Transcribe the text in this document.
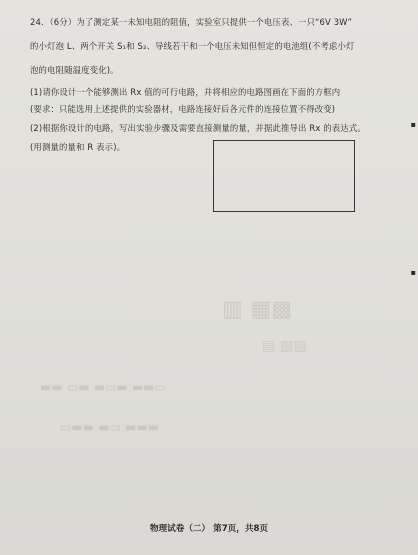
24．（6分）为了测定某一未知电阻的阻值，实验室只提供一个电压表、一只“6V 3W”
的小灯泡 L、两个开关 S₁和 S₂、导线若干和一个电压未知但恒定的电池组(不考虑小灯
泡的电阻随温度变化)。
(1)请你设计一个能够测出 Rx 值的可行电路，并将相应的电路图画在下面的方框内
(要求：只能选用上述提供的实验器材，电路连接好后各元件的连接位置不得改变)
(2)根据你设计的电路，写出实验步骤及需要直接测量的量，并据此推导出 Rx 的表达式。
(用测量的量和 R 表示)。
▥ ▦▩
▤ ▧▨
▬▬ ▭▬ ▬▭▬ ▬▬▭
▭▬▬ ▬▭ ▬▬▬
▪
▪
物理试卷（二） 第7页，共8页
